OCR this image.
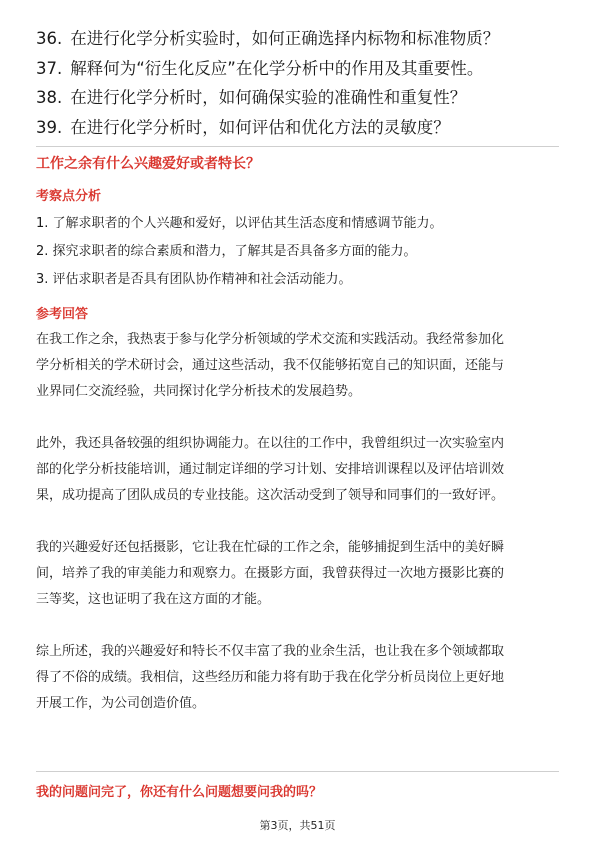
36. 在进行化学分析实验时，如何正确选择内标物和标准物质？
37. 解释何为“衍生化反应”在化学分析中的作用及其重要性。
38. 在进行化学分析时，如何确保实验的准确性和重复性？
39. 在进行化学分析时，如何评估和优化方法的灵敏度？
工作之余有什么兴趣爱好或者特长？
考察点分析
1. 了解求职者的个人兴趣和爱好，以评估其生活态度和情感调节能力。
2. 探究求职者的综合素质和潜力，了解其是否具备多方面的能力。
3. 评估求职者是否具有团队协作精神和社会活动能力。
参考回答
在我工作之余，我热衷于参与化学分析领域的学术交流和实践活动。我经常参加化
学分析相关的学术研讨会，通过这些活动，我不仅能够拓宽自己的知识面，还能与
业界同仁交流经验，共同探讨化学分析技术的发展趋势。
此外，我还具备较强的组织协调能力。在以往的工作中，我曾组织过一次实验室内
部的化学分析技能培训，通过制定详细的学习计划、安排培训课程以及评估培训效
果，成功提高了团队成员的专业技能。这次活动受到了领导和同事们的一致好评。
我的兴趣爱好还包括摄影，它让我在忙碌的工作之余，能够捕捉到生活中的美好瞬
间，培养了我的审美能力和观察力。在摄影方面，我曾获得过一次地方摄影比赛的
三等奖，这也证明了我在这方面的才能。
综上所述，我的兴趣爱好和特长不仅丰富了我的业余生活，也让我在多个领域都取
得了不俗的成绩。我相信，这些经历和能力将有助于我在化学分析员岗位上更好地
开展工作，为公司创造价值。
我的问题问完了，你还有什么问题想要问我的吗？
第3页，共51页
